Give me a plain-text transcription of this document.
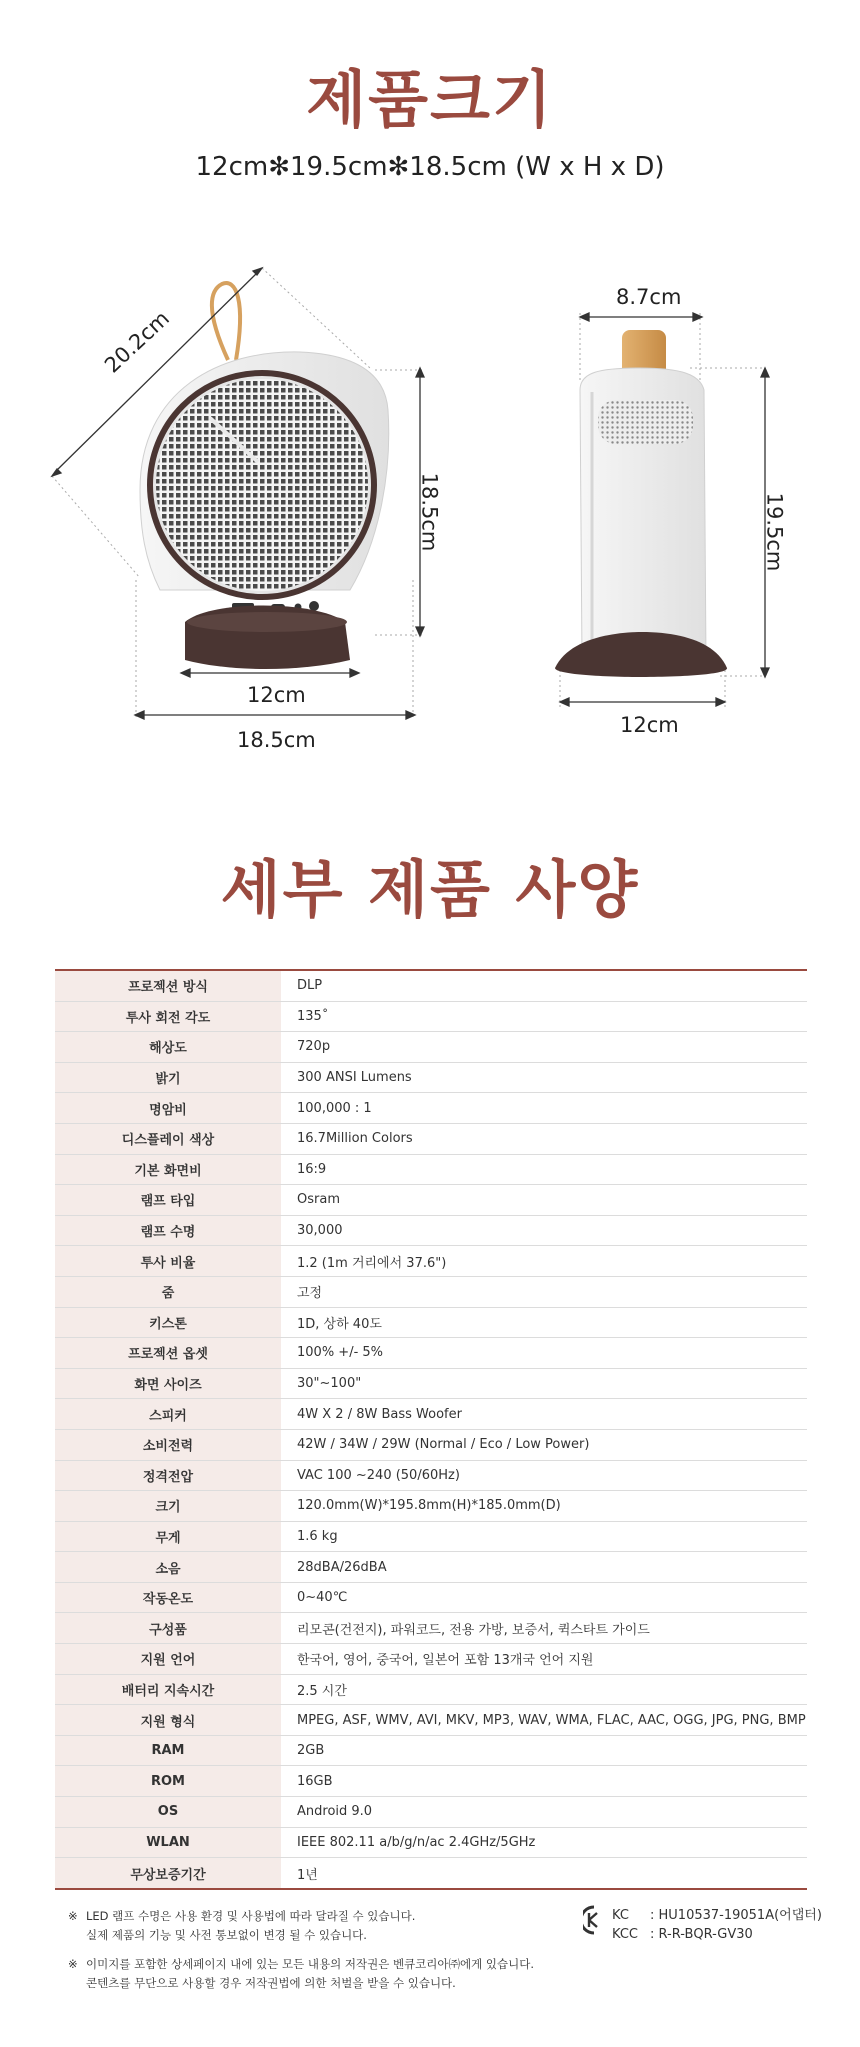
제품크기
12cm✻19.5cm✻18.5cm (W x H x D)
20.2cm
18.5cm
12cm
18.5cm
8.7cm
19.5cm
12cm
세부 제품 사양
프로젝션 방식	DLP
투사 회전 각도	135˚
해상도	720p
밝기	300 ANSI Lumens
명암비	100,000 : 1
디스플레이 색상	16.7Million Colors
기본 화면비	16:9
램프 타입	Osram
램프 수명	30,000
투사 비율	1.2 (1m 거리에서 37.6")
줌	고정
키스톤	1D, 상하 40도
프로젝션 옵셋	100% +/- 5%
화면 사이즈	30"~100"
스피커	4W X 2 / 8W Bass Woofer
소비전력	42W / 34W / 29W (Normal / Eco / Low Power)
정격전압	VAC 100 ~240 (50/60Hz)
크기	120.0mm(W)*195.8mm(H)*185.0mm(D)
무게	1.6 kg
소음	28dBA/26dBA
작동온도	0~40℃
구성품	리모콘(건전지), 파워코드, 전용 가방, 보증서, 퀵스타트 가이드
지원 언어	한국어, 영어, 중국어, 일본어 포함 13개국 언어 지원
배터리 지속시간	2.5 시간
지원 형식	MPEG, ASF, WMV, AVI, MKV, MP3, WAV, WMA, FLAC, AAC, OGG, JPG, PNG, BMP
RAM	2GB
ROM	16GB
OS	Android 9.0
WLAN	IEEE 802.11 a/b/g/n/ac 2.4GHz/5GHz
무상보증기간	1년
※ LED 램프 수명은 사용 환경 및 사용법에 따라 달라질 수 있습니다.
실제 제품의 기능 및 사전 통보없이 변경 될 수 있습니다.
※ 이미지를 포함한 상세페이지 내에 있는 모든 내용의 저작권은 벤큐코리아㈜에게 있습니다.
콘텐츠를 무단으로 사용할 경우 저작권법에 의한 처벌을 받을 수 있습니다.
KC : HU10537-19051A(어댑터)
KCC : R-R-BQR-GV30
